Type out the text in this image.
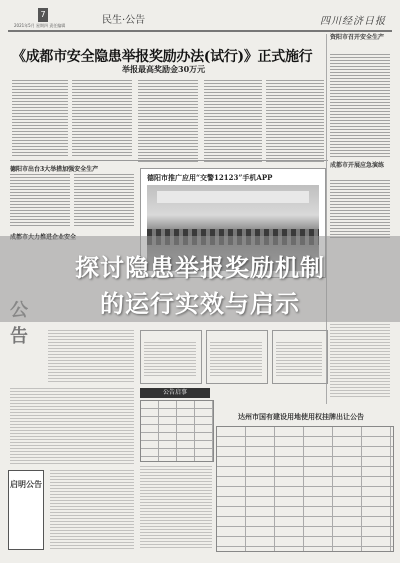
7
2021年5月 星期四 责任编辑	民生·公告	四川经济日报
《成都市安全隐患举报奖励办法(试行)》正式施行
举报最高奖励金30万元
资阳市召开安全生产
成都市开展应急演练
德阳市出台3大举措加强安全生产
德阳市推广应用“交警12123”手机APP
告
公告启事
达州市国有建设用地使用权挂牌出让公告
启明公告
探讨隐患举报奖励机制
的运行实效与启示
